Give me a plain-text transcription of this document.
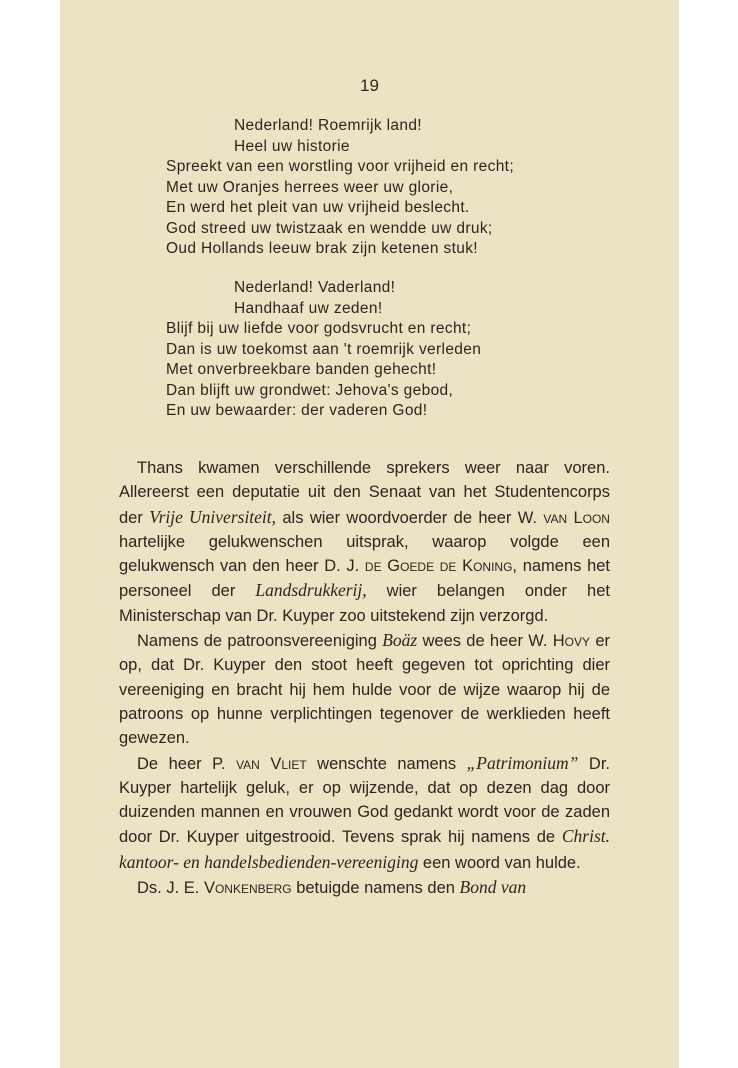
19
Nederland! Roemrijk land!
Heel uw historie
Spreekt van een worstling voor vrijheid en recht;
Met uw Oranjes herrees weer uw glorie,
En werd het pleit van uw vrijheid beslecht.
God streed uw twistzaak en wendde uw druk;
Oud Hollands leeuw brak zijn ketenen stuk!
Nederland! Vaderland!
Handhaaf uw zeden!
Blijf bij uw liefde voor godsvrucht en recht;
Dan is uw toekomst aan 't roemrijk verleden
Met onverbreekbare banden gehecht!
Dan blijft uw grondwet: Jehova's gebod,
En uw bewaarder: der vaderen God!

Thans kwamen verschillende sprekers weer naar voren. Allereerst een deputatie uit den Senaat van het Studentencorps der Vrije Universiteit, als wier woordvoerder de heer W. van Loon hartelijke gelukwenschen uitsprak, waarop volgde een gelukwensch van den heer D. J. de Goede de Koning, namens het personeel der Landsdrukkerij, wier belangen onder het Ministerschap van Dr. Kuyper zoo uitstekend zijn verzorgd.

Namens de patroonsvereeniging Boäz wees de heer W. Hovy er op, dat Dr. Kuyper den stoot heeft gegeven tot oprichting dier vereeniging en bracht hij hem hulde voor de wijze waarop hij de patroons op hunne verplichtingen tegenover de werklieden heeft gewezen.

De heer P. van Vliet wenschte namens „Patrimonium” Dr. Kuyper hartelijk geluk, er op wijzende, dat op dezen dag door duizenden mannen en vrouwen God gedankt wordt voor de zaden door Dr. Kuyper uitgestrooid. Tevens sprak hij namens de Christ. kantoor- en handelsbedienden-vereeniging een woord van hulde.

Ds. J. E. Vonkenberg betuigde namens den Bond van
